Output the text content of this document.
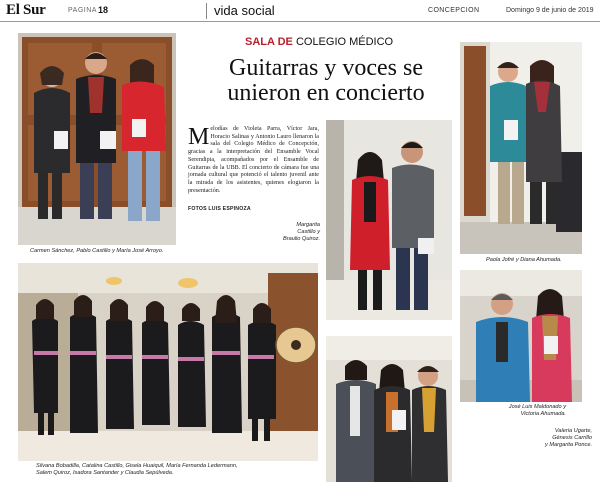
El Sur	PAGINA 18	vida social	CONCEPCION	Domingo 9 de junio de 2019
Carmen Sánchez, Pablo Castillo y María José Arroyo.
SALA DE COLEGIO MÉDICO
Guitarras y voces se
unieron en concierto
M elodías de Violeta Parra, Víctor Jara, Horacio Salinas y Antonio Lauro llenaron la sala del Colegio Médico de Concepción, gracias a la interpretación del Ensamble Vocal Serendipia, acompañados por el Ensamble de Guitarras de la UBB. El concierto de cámara fue una jornada cultural que potenció el talento juvenil ante la mirada de los asistentes, quienes elogiaron la presentación.
FOTOS LUIS ESPINOZA
Margarita
Castillo y
Braulio Quiroz.
Paola Jofré y Diana Ahumada.
Silvana Bobadilla, Catalina Castillo, Gisela Huaiquil, María Fernanda Ledermann,
Salem Quiroz, Isadora Santander y Claudia Sepúlveda.
José Luis Maldonado y
Victoria Ahumada.
Valeria Ugarte,
Génesis Carrillo
y Margarita Ponce.
